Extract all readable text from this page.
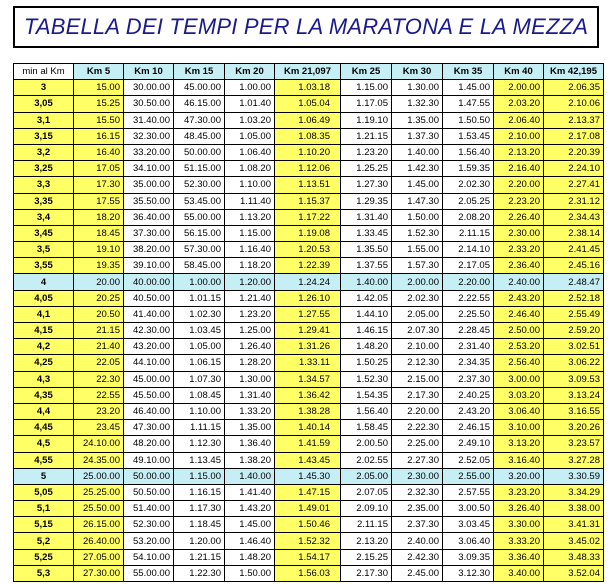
TABELLA DEI TEMPI PER LA MARATONA E LA MEZZA
min al Km	Km 5	Km 10	Km 15	Km 20	Km 21,097	Km 25	Km 30	Km 35	Km 40	Km 42,195
3	15.00	30.00.00	45.00.00	1.00.00	1.03.18	1.15.00	1.30.00	1.45.00	2.00.00	2.06.35
3,05	15.25	30.50.00	46.15.00	1.01.40	1.05.04	1.17.05	1.32.30	1.47.55	2.03.20	2.10.06
3,1	15.50	31.40.00	47.30.00	1.03.20	1.06.49	1.19.10	1.35.00	1.50.50	2.06.40	2.13.37
3,15	16.15	32.30.00	48.45.00	1.05.00	1.08.35	1.21.15	1.37.30	1.53.45	2.10.00	2.17.08
3,2	16.40	33.20.00	50.00.00	1.06.40	1.10.20	1.23.20	1.40.00	1.56.40	2.13.20	2.20.39
3,25	17.05	34.10.00	51.15.00	1.08.20	1.12.06	1.25.25	1.42.30	1.59.35	2.16.40	2.24.10
3,3	17.30	35.00.00	52.30.00	1.10.00	1.13.51	1.27.30	1.45.00	2.02.30	2.20.00	2.27.41
3,35	17.55	35.50.00	53.45.00	1.11.40	1.15.37	1.29.35	1.47.30	2.05.25	2.23.20	2.31.12
3,4	18.20	36.40.00	55.00.00	1.13.20	1.17.22	1.31.40	1.50.00	2.08.20	2.26.40	2.34.43
3,45	18.45	37.30.00	56.15.00	1.15.00	1.19.08	1.33.45	1.52.30	2.11.15	2.30.00	2.38.14
3,5	19.10	38.20.00	57.30.00	1.16.40	1.20.53	1.35.50	1.55.00	2.14.10	2.33.20	2.41.45
3,55	19.35	39.10.00	58.45.00	1.18.20	1.22.39	1.37.55	1.57.30	2.17.05	2.36.40	2.45.16
4	20.00	40.00.00	1.00.00	1.20.00	1.24.24	1.40.00	2.00.00	2.20.00	2.40.00	2.48.47
4,05	20.25	40.50.00	1.01.15	1.21.40	1.26.10	1.42.05	2.02.30	2.22.55	2.43.20	2.52.18
4,1	20.50	41.40.00	1.02.30	1.23.20	1.27.55	1.44.10	2.05.00	2.25.50	2.46.40	2.55.49
4,15	21.15	42.30.00	1.03.45	1.25.00	1.29.41	1.46.15	2.07.30	2.28.45	2.50.00	2.59.20
4,2	21.40	43.20.00	1.05.00	1.26.40	1.31.26	1.48.20	2.10.00	2.31.40	2.53.20	3.02.51
4,25	22.05	44.10.00	1.06.15	1.28.20	1.33.11	1.50.25	2.12.30	2.34.35	2.56.40	3.06.22
4,3	22.30	45.00.00	1.07.30	1.30.00	1.34.57	1.52.30	2.15.00	2.37.30	3.00.00	3.09.53
4,35	22.55	45.50.00	1.08.45	1.31.40	1.36.42	1.54.35	2.17.30	2.40.25	3.03.20	3.13.24
4,4	23.20	46.40.00	1.10.00	1.33.20	1.38.28	1.56.40	2.20.00	2.43.20	3.06.40	3.16.55
4,45	23.45	47.30.00	1.11.15	1.35.00	1.40.14	1.58.45	2.22.30	2.46.15	3.10.00	3.20.26
4,5	24.10.00	48.20.00	1.12.30	1.36.40	1.41.59	2.00.50	2.25.00	2.49.10	3.13.20	3.23.57
4,55	24.35.00	49.10.00	1.13.45	1.38.20	1.43.45	2.02.55	2.27.30	2.52.05	3.16.40	3.27.28
5	25.00.00	50.00.00	1.15.00	1.40.00	1.45.30	2.05.00	2.30.00	2.55.00	3.20.00	3.30.59
5,05	25.25.00	50.50.00	1.16.15	1.41.40	1.47.15	2.07.05	2.32.30	2.57.55	3.23.20	3.34.29
5,1	25.50.00	51.40.00	1.17.30	1.43.20	1.49.01	2.09.10	2.35.00	3.00.50	3.26.40	3.38.00
5,15	26.15.00	52.30.00	1.18.45	1.45.00	1.50.46	2.11.15	2.37.30	3.03.45	3.30.00	3.41.31
5,2	26.40.00	53.20.00	1.20.00	1.46.40	1.52.32	2.13.20	2.40.00	3.06.40	3.33.20	3.45.02
5,25	27.05.00	54.10.00	1.21.15	1.48.20	1.54.17	2.15.25	2.42.30	3.09.35	3.36.40	3.48.33
5,3	27.30.00	55.00.00	1.22.30	1.50.00	1.56.03	2.17.30	2.45.00	3.12.30	3.40.00	3.52.04
